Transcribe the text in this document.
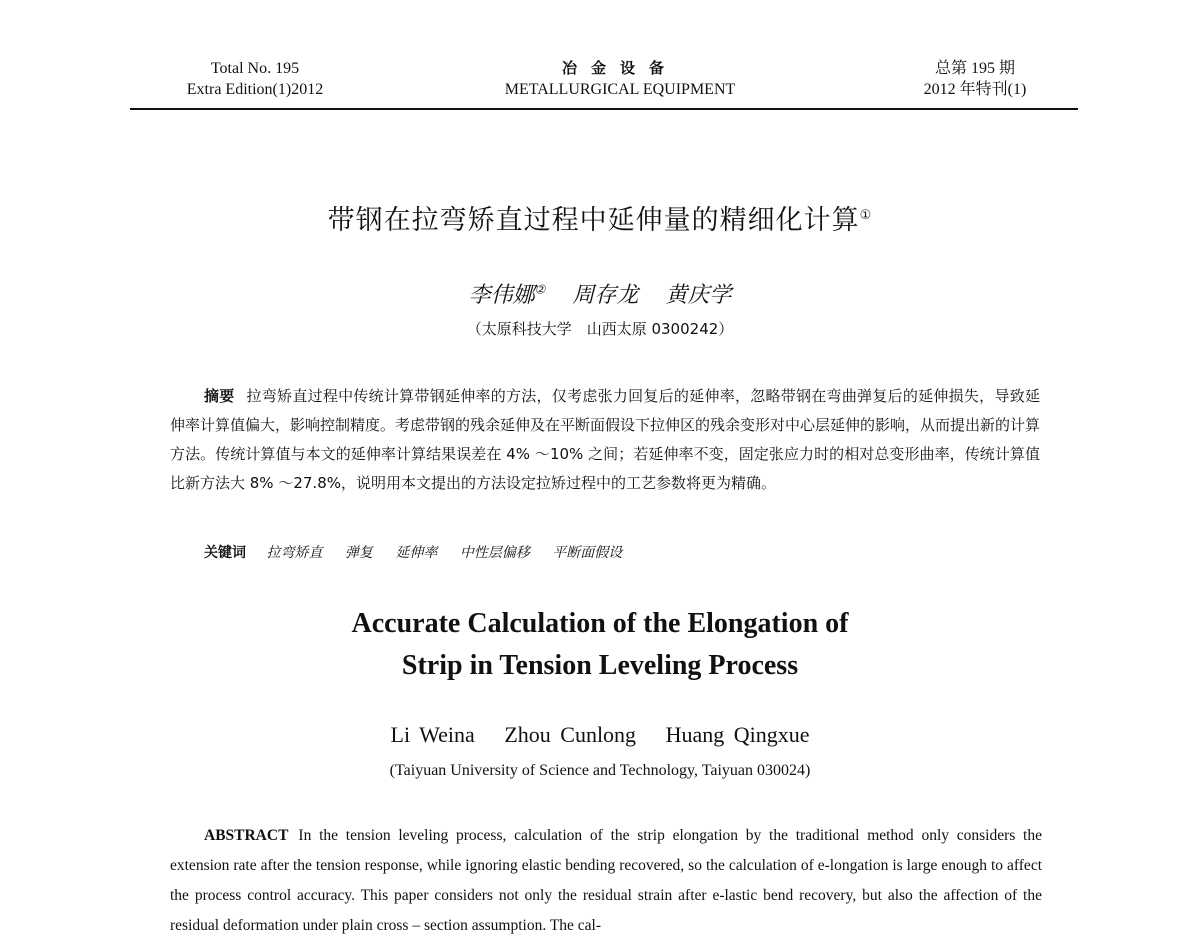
Total No. 195
Extra Edition(1)2012
冶金设备
METALLURGICAL EQUIPMENT
总第 195 期
2012 年特刊(1)
带钢在拉弯矫直过程中延伸量的精细化计算①
李伟娜② 周存龙 黄庆学
（太原科技大学　山西太原 0300242）
摘要 拉弯矫直过程中传统计算带钢延伸率的方法，仅考虑张力回复后的延伸率，忽略带钢在弯曲弹复后的延伸损失，导致延伸率计算值偏大，影响控制精度。考虑带钢的残余延伸及在平断面假设下拉伸区的残余变形对中心层延伸的影响，从而提出新的计算方法。传统计算值与本文的延伸率计算结果误差在 4% ～10% 之间；若延伸率不变，固定张应力时的相对总变形曲率，传统计算值比新方法大 8% ～27.8%，说明用本文提出的方法设定拉矫过程中的工艺参数将更为精确。
关键词 拉弯矫直 弹复 延伸率 中性层偏移 平断面假设
Accurate Calculation of the Elongation of
Strip in Tension Leveling Process
Li Weina Zhou Cunlong Huang Qingxue
(Taiyuan University of Science and Technology, Taiyuan 030024)
ABSTRACT In the tension leveling process, calculation of the strip elongation by the traditional method only considers the extension rate after the tension response, while ignoring elastic bending recovered, so the calculation of e-longation is large enough to affect the process control accuracy. This paper considers not only the residual strain after e-lastic bend recovery, but also the affection of the residual deformation under plain cross – section assumption. The cal-
